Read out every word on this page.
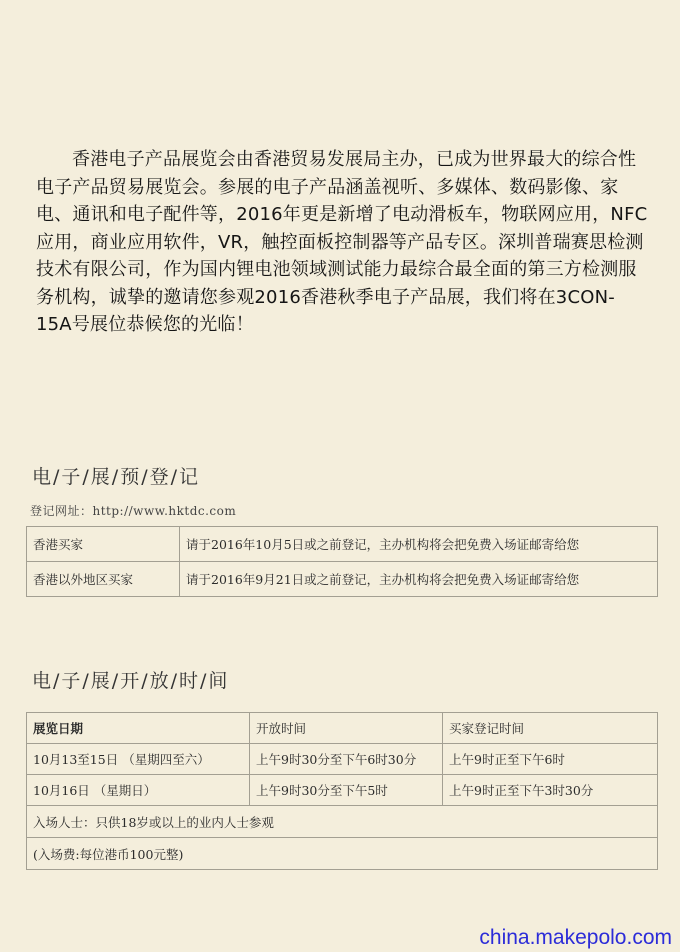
香港电子产品展览会由香港贸易发展局主办，已成为世界最大的综合性电子产品贸易展览会。参展的电子产品涵盖视听、多媒体、数码影像、家电、通讯和电子配件等，2016年更是新增了电动滑板车，物联网应用，NFC应用，商业应用软件，VR，触控面板控制器等产品专区。深圳普瑞赛思检测技术有限公司，作为国内锂电池领域测试能力最综合最全面的第三方检测服务机构，诚挚的邀请您参观2016香港秋季电子产品展，我们将在3CON-15A号展位恭候您的光临！
电/子/展/预/登/记
登记网址：http://www.hktdc.com
香港买家	请于2016年10月5日或之前登记，主办机构将会把免费入场证邮寄给您
香港以外地区买家	请于2016年9月21日或之前登记，主办机构将会把免费入场证邮寄给您
电/子/展/开/放/时/间
展览日期	开放时间	买家登记时间
10月13至15日 （星期四至六）	上午9时30分至下午6时30分	上午9时正至下午6时
10月16日 （星期日）	上午9时30分至下午5时	上午9时正至下午3时30分
入场人士：只供18岁或以上的业内人士参观		
(入场费:每位港币100元整)		
china.makepolo.com
